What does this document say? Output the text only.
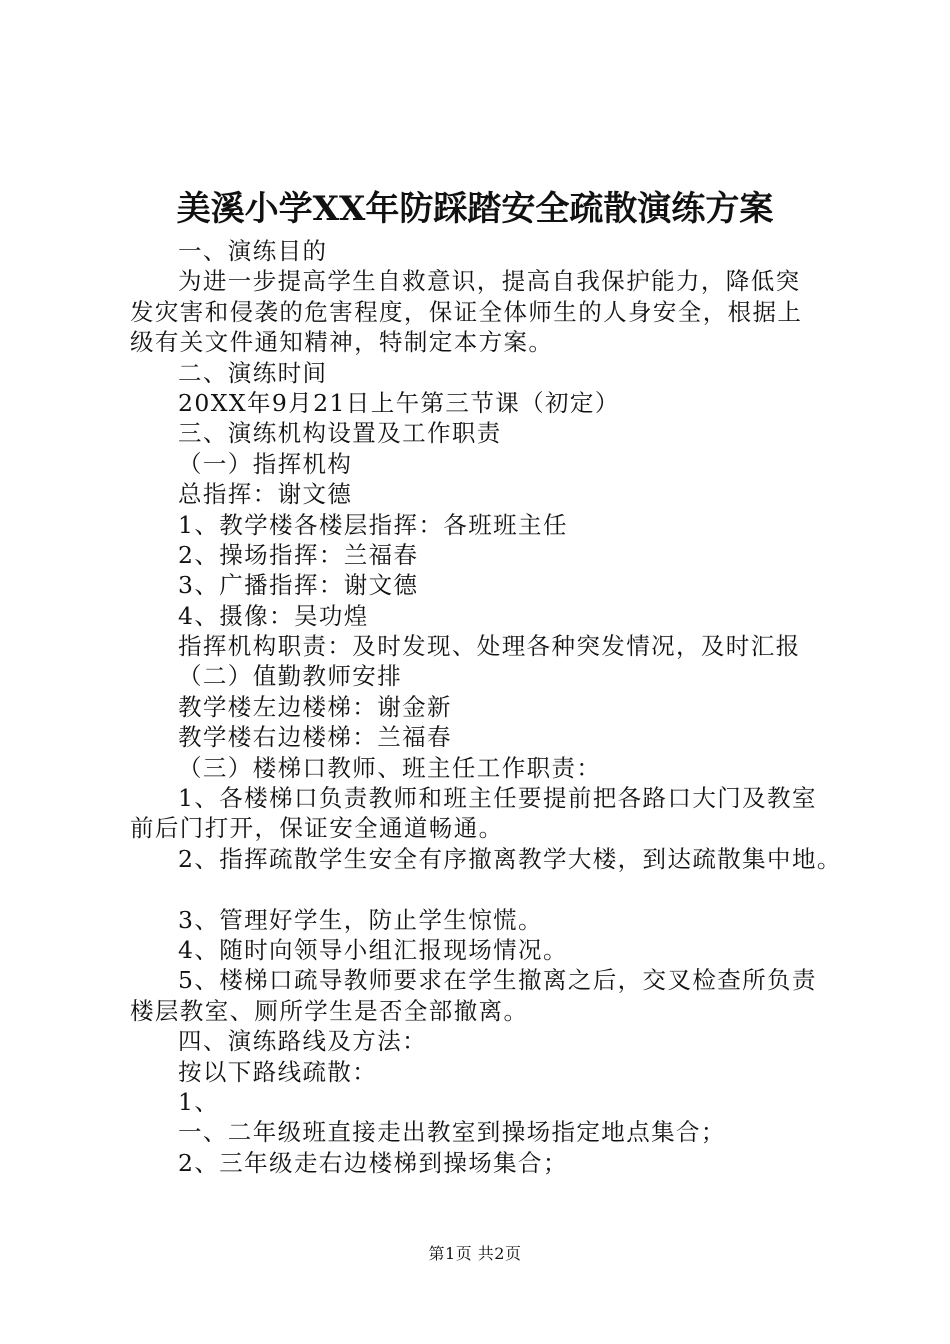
美溪小学XX年防踩踏安全疏散演练方案

一、演练目的

为进一步提高学生自救意识，提高自我保护能力，降低突

发灾害和侵袭的危害程度，保证全体师生的人身安全，根据上

级有关文件通知精神，特制定本方案。

二、演练时间

20XX年9月21日上午第三节课（初定）

三、演练机构设置及工作职责

（一）指挥机构

总指挥：谢文德

1、教学楼各楼层指挥：各班班主任

2、操场指挥：兰福春

3、广播指挥：谢文德

4、摄像：吴功煌

指挥机构职责：及时发现、处理各种突发情况，及时汇报

（二）值勤教师安排

教学楼左边楼梯：谢金新

教学楼右边楼梯：兰福春

（三）楼梯口教师、班主任工作职责：

1、各楼梯口负责教师和班主任要提前把各路口大门及教室

前后门打开，保证安全通道畅通。

2、指挥疏散学生安全有序撤离教学大楼，到达疏散集中地。

3、管理好学生，防止学生惊慌。

4、随时向领导小组汇报现场情况。

5、楼梯口疏导教师要求在学生撤离之后，交叉检查所负责

楼层教室、厕所学生是否全部撤离。

四、演练路线及方法：

按以下路线疏散：

1、

一、二年级班直接走出教室到操场指定地点集合；

2、三年级走右边楼梯到操场集合；

第1页 共2页
